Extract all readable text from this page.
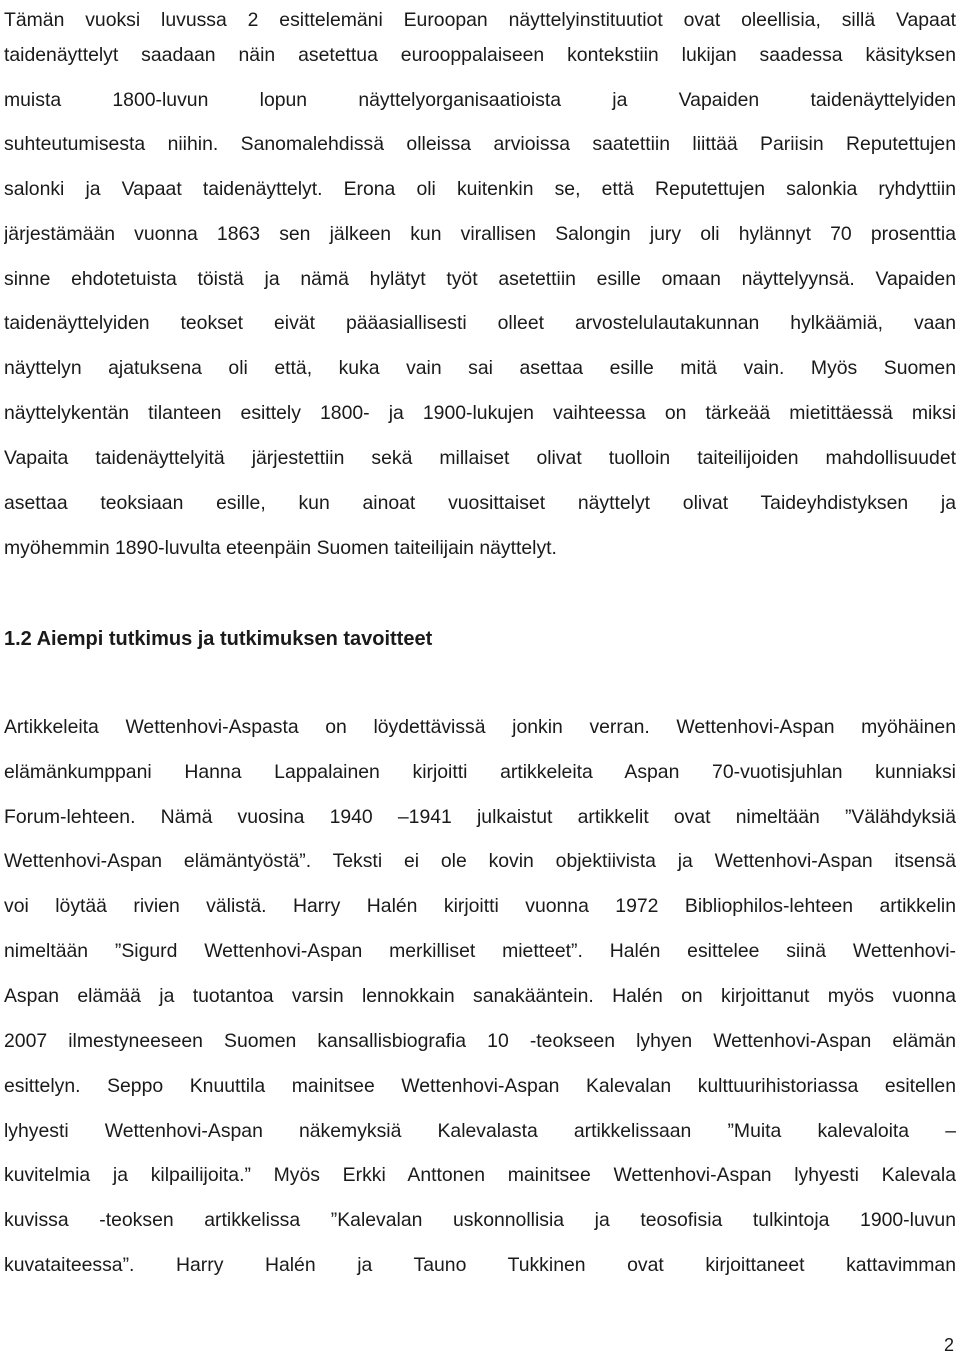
Tämän vuoksi luvussa 2 esittelemäni Euroopan näyttelyinstituutiot ovat oleellisia, sillä Vapaat
taidenäyttelyt saadaan näin asetettua eurooppalaiseen kontekstiin lukijan saadessa käsityksen
muista 1800-luvun lopun näyttelyorganisaatioista ja Vapaiden taidenäyttelyiden
suhteutumisesta niihin. Sanomalehdissä olleissa arvioissa saatettiin liittää Pariisin Reputettujen
salonki ja Vapaat taidenäyttelyt. Erona oli kuitenkin se, että Reputettujen salonkia ryhdyttiin
järjestämään vuonna 1863 sen jälkeen kun virallisen Salongin jury oli hylännyt 70 prosenttia
sinne ehdotetuista töistä ja nämä hylätyt työt asetettiin esille omaan näyttelyynsä. Vapaiden
taidenäyttelyiden teokset eivät pääasiallisesti olleet arvostelulautakunnan hylkäämiä, vaan
näyttelyn ajatuksena oli että, kuka vain sai asettaa esille mitä vain. Myös Suomen
näyttelykentän tilanteen esittely 1800- ja 1900-lukujen vaihteessa on tärkeää mietittäessä miksi
Vapaita taidenäyttelyitä järjestettiin sekä millaiset olivat tuolloin taiteilijoiden mahdollisuudet
asettaa teoksiaan esille, kun ainoat vuosittaiset näyttelyt olivat Taideyhdistyksen ja
myöhemmin 1890-luvulta eteenpäin Suomen taiteilijain näyttelyt.
1.2 Aiempi tutkimus ja tutkimuksen tavoitteet
Artikkeleita Wettenhovi-Aspasta on löydettävissä jonkin verran. Wettenhovi-Aspan myöhäinen
elämänkumppani Hanna Lappalainen kirjoitti artikkeleita Aspan 70-vuotisjuhlan kunniaksi
Forum-lehteen. Nämä vuosina 1940 –1941 julkaistut artikkelit ovat nimeltään ”Välähdyksiä
Wettenhovi-Aspan elämäntyöstä”. Teksti ei ole kovin objektiivista ja Wettenhovi-Aspan itsensä
voi löytää rivien välistä. Harry Halén kirjoitti vuonna 1972 Bibliophilos-lehteen artikkelin
nimeltään ”Sigurd Wettenhovi-Aspan merkilliset mietteet”. Halén esittelee siinä Wettenhovi-
Aspan elämää ja tuotantoa varsin lennokkain sanakääntein. Halén on kirjoittanut myös vuonna
2007 ilmestyneeseen Suomen kansallisbiografia 10 -teokseen lyhyen Wettenhovi-Aspan elämän
esittelyn. Seppo Knuuttila mainitsee Wettenhovi-Aspan Kalevalan kulttuurihistoriassa esitellen
lyhyesti Wettenhovi-Aspan näkemyksiä Kalevalasta artikkelissaan ”Muita kalevaloita –
kuvitelmia ja kilpailijoita.” Myös Erkki Anttonen mainitsee Wettenhovi-Aspan lyhyesti Kalevala
kuvissa -teoksen artikkelissa ”Kalevalan uskonnollisia ja teosofisia tulkintoja 1900-luvun
kuvataiteessa”. Harry Halén ja Tauno Tukkinen ovat kirjoittaneet kattavimman
2
